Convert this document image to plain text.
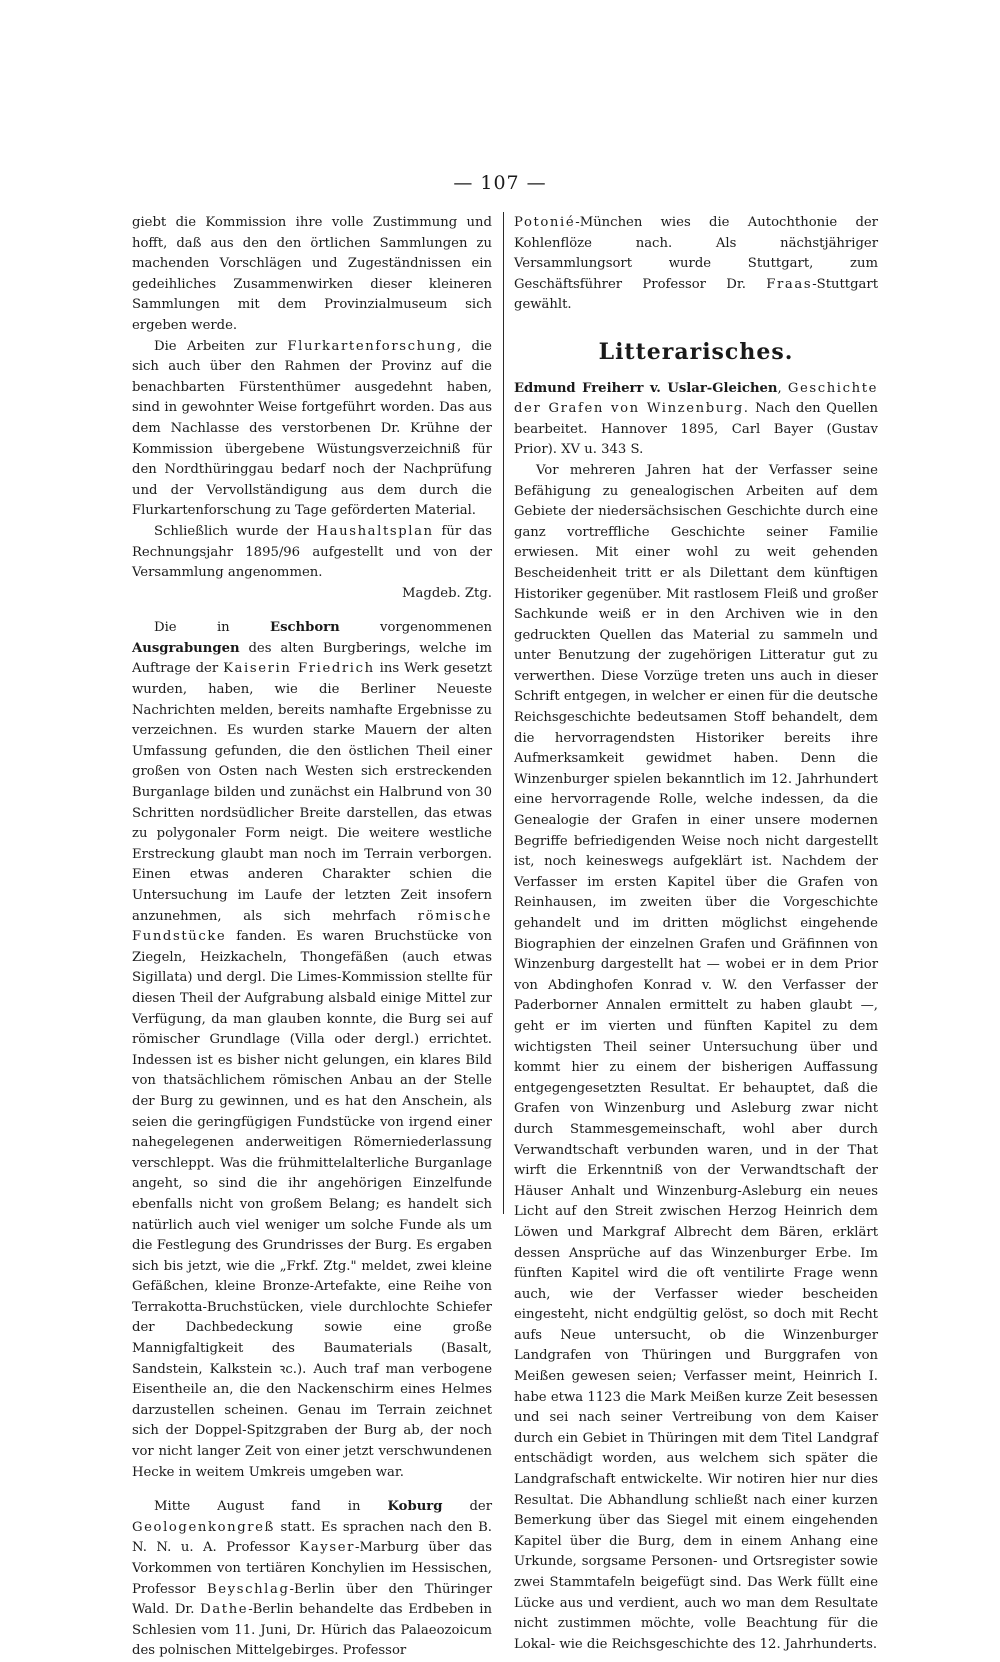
— 107 —

giebt die Kommission ihre volle Zustimmung und hofft, daß aus den den örtlichen Sammlungen zu machenden Vorschlägen und Zugeständnissen ein gedeihliches Zusammenwirken dieser kleineren Sammlungen mit dem Provinzialmuseum sich ergeben werde.

Die Arbeiten zur Flurkartenforschung, die sich auch über den Rahmen der Provinz auf die benachbarten Fürstenthümer ausgedehnt haben, sind in gewohnter Weise fortgeführt worden. Das aus dem Nachlasse des verstorbenen Dr. Krühne der Kommission übergebene Wüstungsverzeichniß für den Nordthüringgau bedarf noch der Nachprüfung und der Vervollständigung aus dem durch die Flurkartenforschung zu Tage geförderten Material.

Schließlich wurde der Haushaltsplan für das Rechnungsjahr 1895/96 aufgestellt und von der Versammlung angenommen.

Magdeb. Ztg.

Die in Eschborn vorgenommenen Ausgrabungen des alten Burgberings, welche im Auftrage der Kaiserin Friedrich ins Werk gesetzt wurden, haben, wie die Berliner Neueste Nachrichten melden, bereits namhafte Ergebnisse zu verzeichnen. Es wurden starke Mauern der alten Umfassung gefunden, die den östlichen Theil einer großen von Osten nach Westen sich erstreckenden Burganlage bilden und zunächst ein Halbrund von 30 Schritten nordsüdlicher Breite darstellen, das etwas zu polygonaler Form neigt. Die weitere westliche Erstreckung glaubt man noch im Terrain verborgen. Einen etwas anderen Charakter schien die Untersuchung im Laufe der letzten Zeit insofern anzunehmen, als sich mehrfach römische Fundstücke fanden. Es waren Bruchstücke von Ziegeln, Heizkacheln, Thongefäßen (auch etwas Sigillata) und dergl. Die Limes-Kommission stellte für diesen Theil der Aufgrabung alsbald einige Mittel zur Verfügung, da man glauben konnte, die Burg sei auf römischer Grundlage (Villa oder dergl.) errichtet. Indessen ist es bisher nicht gelungen, ein klares Bild von thatsächlichem römischen Anbau an der Stelle der Burg zu gewinnen, und es hat den Anschein, als seien die geringfügigen Fundstücke von irgend einer nahegelegenen anderweitigen Römerniederlassung verschleppt. Was die frühmittelalterliche Burganlage angeht, so sind die ihr angehörigen Einzelfunde ebenfalls nicht von großem Belang; es handelt sich natürlich auch viel weniger um solche Funde als um die Festlegung des Grundrisses der Burg. Es ergaben sich bis jetzt, wie die „Frkf. Ztg." meldet, zwei kleine Gefäßchen, kleine Bronze-Artefakte, eine Reihe von Terrakotta-Bruchstücken, viele durchlochte Schiefer der Dachbedeckung sowie eine große Mannigfaltigkeit des Baumaterials (Basalt, Sandstein, Kalkstein ꝛc.). Auch traf man verbogene Eisentheile an, die den Nackenschirm eines Helmes darzustellen scheinen. Genau im Terrain zeichnet sich der Doppel-Spitzgraben der Burg ab, der noch vor nicht langer Zeit von einer jetzt verschwundenen Hecke in weitem Umkreis umgeben war.

Mitte August fand in Koburg der Geologenkongreß statt. Es sprachen nach den B. N. N. u. A. Professor Kayser-Marburg über das Vorkommen von tertiären Konchylien im Hessischen, Professor Beyschlag-Berlin über den Thüringer Wald. Dr. Dathe-Berlin behandelte das Erdbeben in Schlesien vom 11. Juni, Dr. Hürich das Palaeozoicum des polnischen Mittelgebirges. Professor

Potonié-München wies die Autochthonie der Kohlenflöze nach. Als nächstjähriger Versammlungsort wurde Stuttgart, zum Geschäftsführer Professor Dr. Fraas-Stuttgart gewählt.

Litterarisches.

Edmund Freiherr v. Uslar-Gleichen, Geschichte der Grafen von Winzenburg. Nach den Quellen bearbeitet. Hannover 1895, Carl Bayer (Gustav Prior). XV u. 343 S.

Vor mehreren Jahren hat der Verfasser seine Befähigung zu genealogischen Arbeiten auf dem Gebiete der niedersächsischen Geschichte durch eine ganz vortreffliche Geschichte seiner Familie erwiesen. Mit einer wohl zu weit gehenden Bescheidenheit tritt er als Dilettant dem künftigen Historiker gegenüber. Mit rastlosem Fleiß und großer Sachkunde weiß er in den Archiven wie in den gedruckten Quellen das Material zu sammeln und unter Benutzung der zugehörigen Litteratur gut zu verwerthen. Diese Vorzüge treten uns auch in dieser Schrift entgegen, in welcher er einen für die deutsche Reichsgeschichte bedeutsamen Stoff behandelt, dem die hervorragendsten Historiker bereits ihre Aufmerksamkeit gewidmet haben. Denn die Winzenburger spielen bekanntlich im 12. Jahrhundert eine hervorragende Rolle, welche indessen, da die Genealogie der Grafen in einer unsere modernen Begriffe befriedigenden Weise noch nicht dargestellt ist, noch keineswegs aufgeklärt ist. Nachdem der Verfasser im ersten Kapitel über die Grafen von Reinhausen, im zweiten über die Vorgeschichte gehandelt und im dritten möglichst eingehende Biographien der einzelnen Grafen und Gräfinnen von Winzenburg dargestellt hat — wobei er in dem Prior von Abdinghofen Konrad v. W. den Verfasser der Paderborner Annalen ermittelt zu haben glaubt —, geht er im vierten und fünften Kapitel zu dem wichtigsten Theil seiner Untersuchung über und kommt hier zu einem der bisherigen Auffassung entgegengesetzten Resultat. Er behauptet, daß die Grafen von Winzenburg und Asleburg zwar nicht durch Stammesgemeinschaft, wohl aber durch Verwandtschaft verbunden waren, und in der That wirft die Erkenntniß von der Verwandtschaft der Häuser Anhalt und Winzenburg-Asleburg ein neues Licht auf den Streit zwischen Herzog Heinrich dem Löwen und Markgraf Albrecht dem Bären, erklärt dessen Ansprüche auf das Winzenburger Erbe. Im fünften Kapitel wird die oft ventilirte Frage wenn auch, wie der Verfasser wieder bescheiden eingesteht, nicht endgültig gelöst, so doch mit Recht aufs Neue untersucht, ob die Winzenburger Landgrafen von Thüringen und Burggrafen von Meißen gewesen seien; Verfasser meint, Heinrich I. habe etwa 1123 die Mark Meißen kurze Zeit besessen und sei nach seiner Vertreibung von dem Kaiser durch ein Gebiet in Thüringen mit dem Titel Landgraf entschädigt worden, aus welchem sich später die Landgrafschaft entwickelte. Wir notiren hier nur dies Resultat. Die Abhandlung schließt nach einer kurzen Bemerkung über das Siegel mit einem eingehenden Kapitel über die Burg, dem in einem Anhang eine Urkunde, sorgsame Personen- und Ortsregister sowie zwei Stammtafeln beigefügt sind. Das Werk füllt eine Lücke aus und verdient, auch wo man dem Resultate nicht zustimmen möchte, volle Beachtung für die Lokal- wie die Reichsgeschichte des 12. Jahrhunderts.
